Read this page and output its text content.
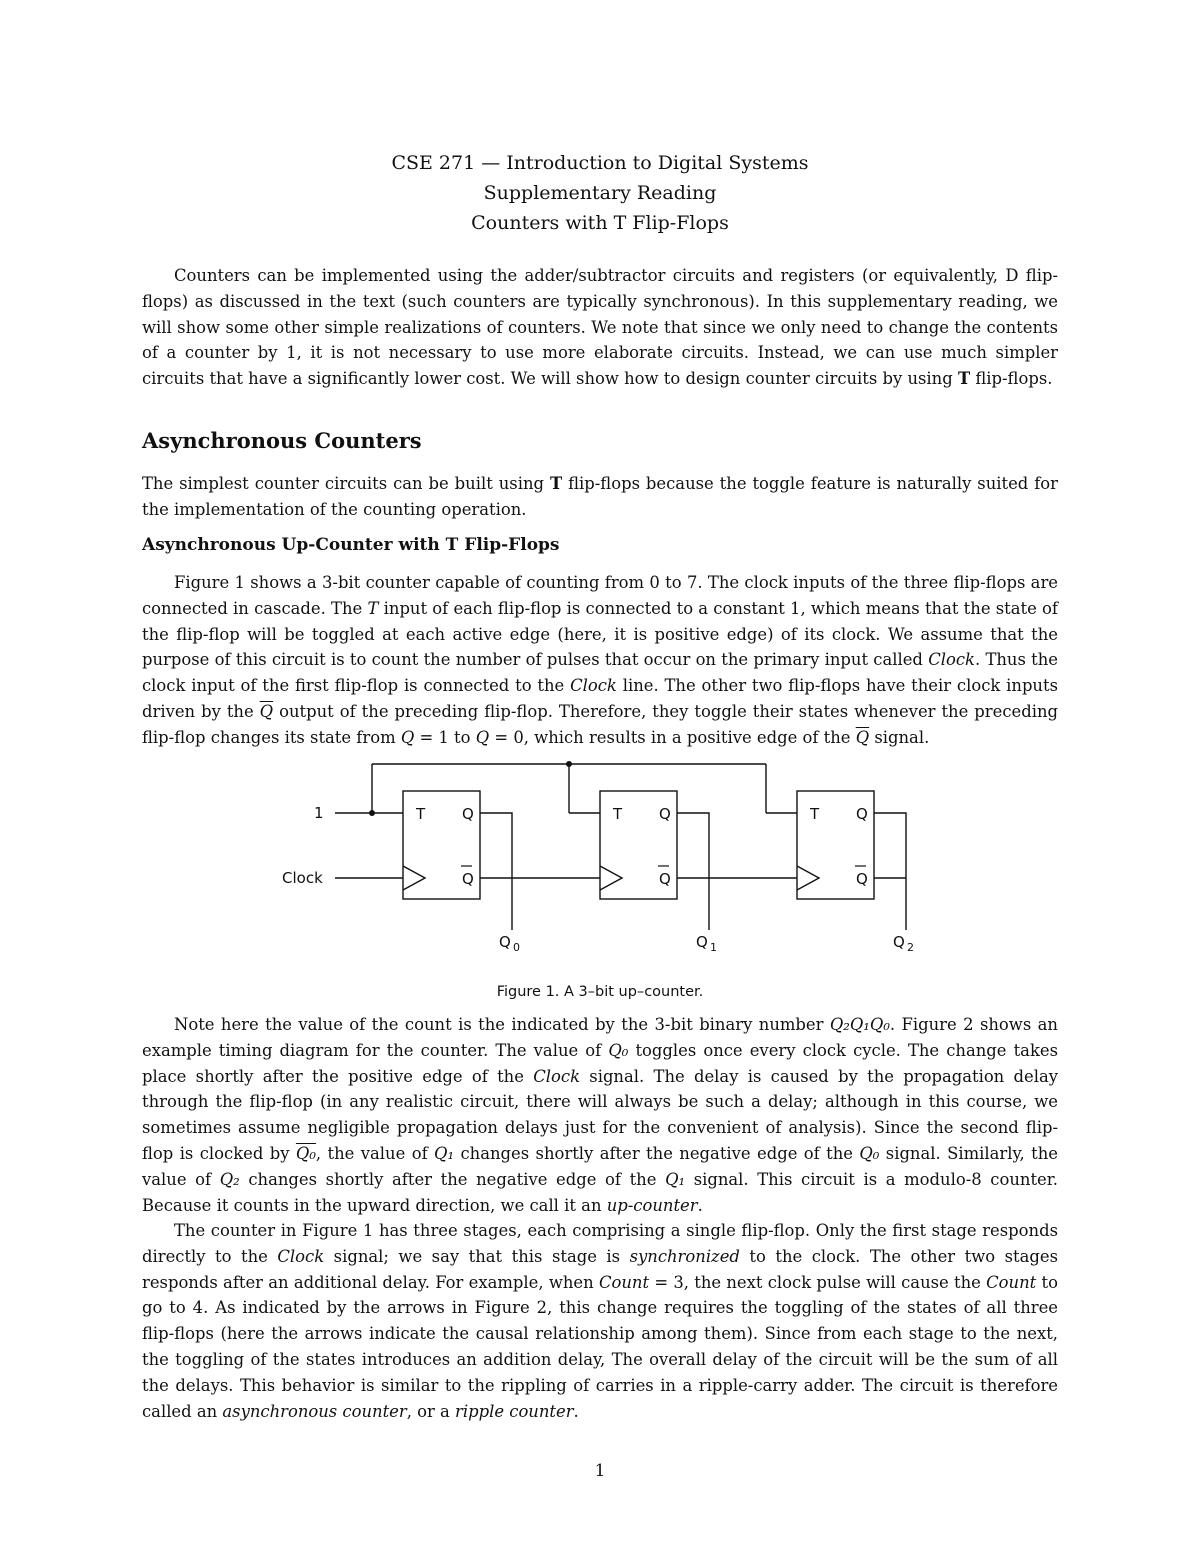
CSE 271 — Introduction to Digital Systems
Supplementary Reading
Counters with T Flip-Flops

Counters can be implemented using the adder/subtractor circuits and registers (or equivalently, D flip-flops) as discussed in the text (such counters are typically synchronous). In this supplementary reading, we will show some other simple realizations of counters. We note that since we only need to change the contents of a counter by 1, it is not necessary to use more elaborate circuits. Instead, we can use much simpler circuits that have a significantly lower cost. We will show how to design counter circuits by using T flip-flops.

Asynchronous Counters

The simplest counter circuits can be built using T flip-flops because the toggle feature is naturally suited for the implementation of the counting operation.

Asynchronous Up-Counter with T Flip-Flops

Figure 1 shows a 3-bit counter capable of counting from 0 to 7. The clock inputs of the three flip-flops are connected in cascade. The T input of each flip-flop is connected to a constant 1, which means that the state of the flip-flop will be toggled at each active edge (here, it is positive edge) of its clock. We assume that the purpose of this circuit is to count the number of pulses that occur on the primary input called Clock. Thus the clock input of the first flip-flop is connected to the Clock line. The other two flip-flops have their clock inputs driven by the $\overline{Q}$ output of the preceding flip-flop. Therefore, they toggle their states whenever the preceding flip-flop changes its state from Q = 1 to Q = 0, which results in a positive edge of the $\overline{Q}$ signal.

1
Clock
T Q
Q
T Q
Q
T Q
Q
Q 0	Q 1	Q 2
Figure 1. A 3–bit up–counter.

Note here the value of the count is the indicated by the 3-bit binary number Q₂Q₁Q₀. Figure 2 shows an example timing diagram for the counter. The value of Q₀ toggles once every clock cycle. The change takes place shortly after the positive edge of the Clock signal. The delay is caused by the propagation delay through the flip-flop (in any realistic circuit, there will always be such a delay; although in this course, we sometimes assume negligible propagation delays just for the convenient of analysis). Since the second flip-flop is clocked by Q₀, the value of Q₁ changes shortly after the negative edge of the Q₀ signal. Similarly, the value of Q₂ changes shortly after the negative edge of the Q₁ signal. This circuit is a modulo-8 counter. Because it counts in the upward direction, we call it an up-counter.

The counter in Figure 1 has three stages, each comprising a single flip-flop. Only the first stage responds directly to the Clock signal; we say that this stage is synchronized to the clock. The other two stages responds after an additional delay. For example, when Count = 3, the next clock pulse will cause the Count to go to 4. As indicated by the arrows in Figure 2, this change requires the toggling of the states of all three flip-flops (here the arrows indicate the causal relationship among them). Since from each stage to the next, the toggling of the states introduces an addition delay, The overall delay of the circuit will be the sum of all the delays. This behavior is similar to the rippling of carries in a ripple-carry adder. The circuit is therefore called an asynchronous counter, or a ripple counter.

1
